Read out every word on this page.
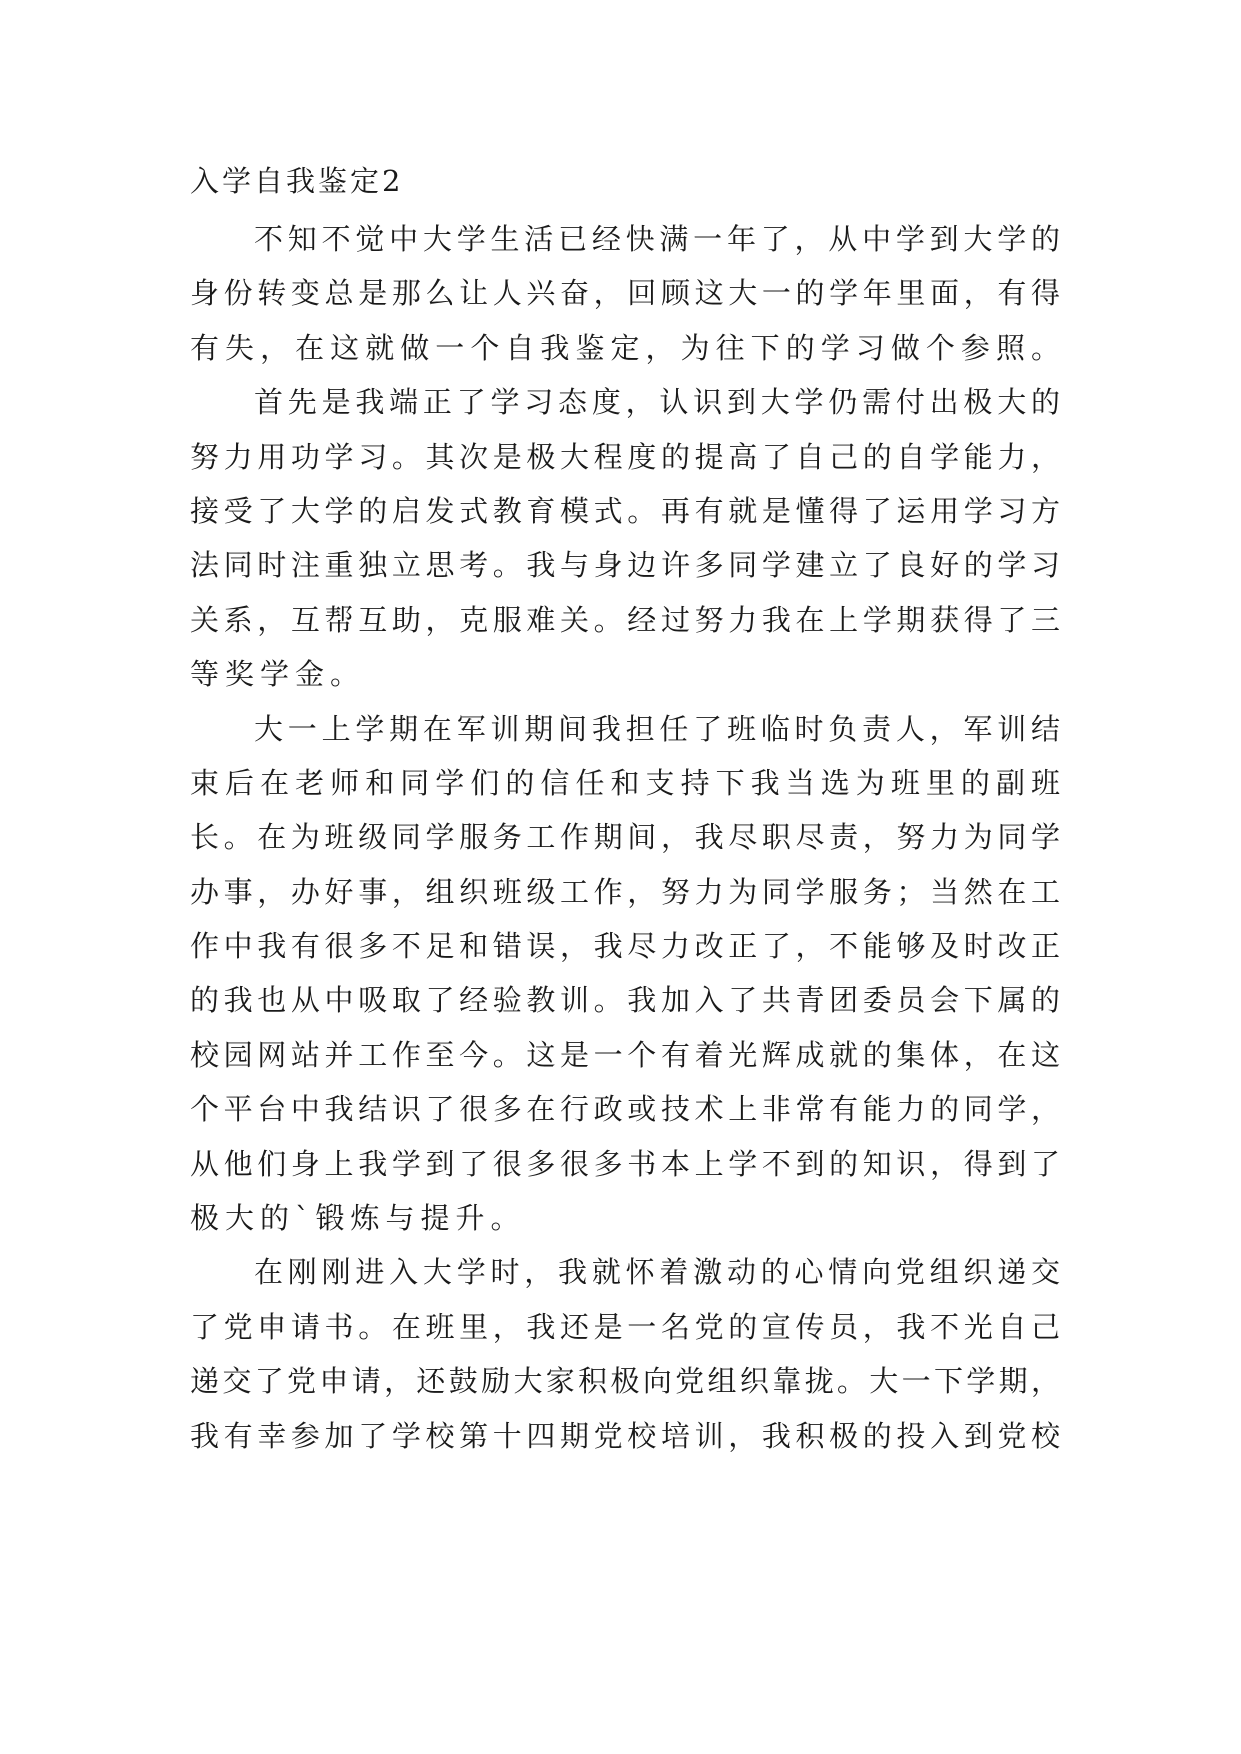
入学自我鉴定2
不知不觉中大学生活已经快满一年了，从中学到大学的
身份转变总是那么让人兴奋，回顾这大一的学年里面，有得
有失，在这就做一个自我鉴定，为往下的学习做个参照。
首先是我端正了学习态度，认识到大学仍需付出极大的
努力用功学习。其次是极大程度的提高了自己的自学能力，
接受了大学的启发式教育模式。再有就是懂得了运用学习方
法同时注重独立思考。我与身边许多同学建立了良好的学习
关系，互帮互助，克服难关。经过努力我在上学期获得了三
等奖学金。
大一上学期在军训期间我担任了班临时负责人，军训结
束后在老师和同学们的信任和支持下我当选为班里的副班
长。在为班级同学服务工作期间，我尽职尽责，努力为同学
办事，办好事，组织班级工作，努力为同学服务；当然在工
作中我有很多不足和错误，我尽力改正了，不能够及时改正
的我也从中吸取了经验教训。我加入了共青团委员会下属的
校园网站并工作至今。这是一个有着光辉成就的集体，在这
个平台中我结识了很多在行政或技术上非常有能力的同学，
从他们身上我学到了很多很多书本上学不到的知识，得到了
极大的`锻炼与提升。
在刚刚进入大学时，我就怀着激动的心情向党组织递交
了党申请书。在班里，我还是一名党的宣传员，我不光自己
递交了党申请，还鼓励大家积极向党组织靠拢。大一下学期，
我有幸参加了学校第十四期党校培训，我积极的投入到党校
